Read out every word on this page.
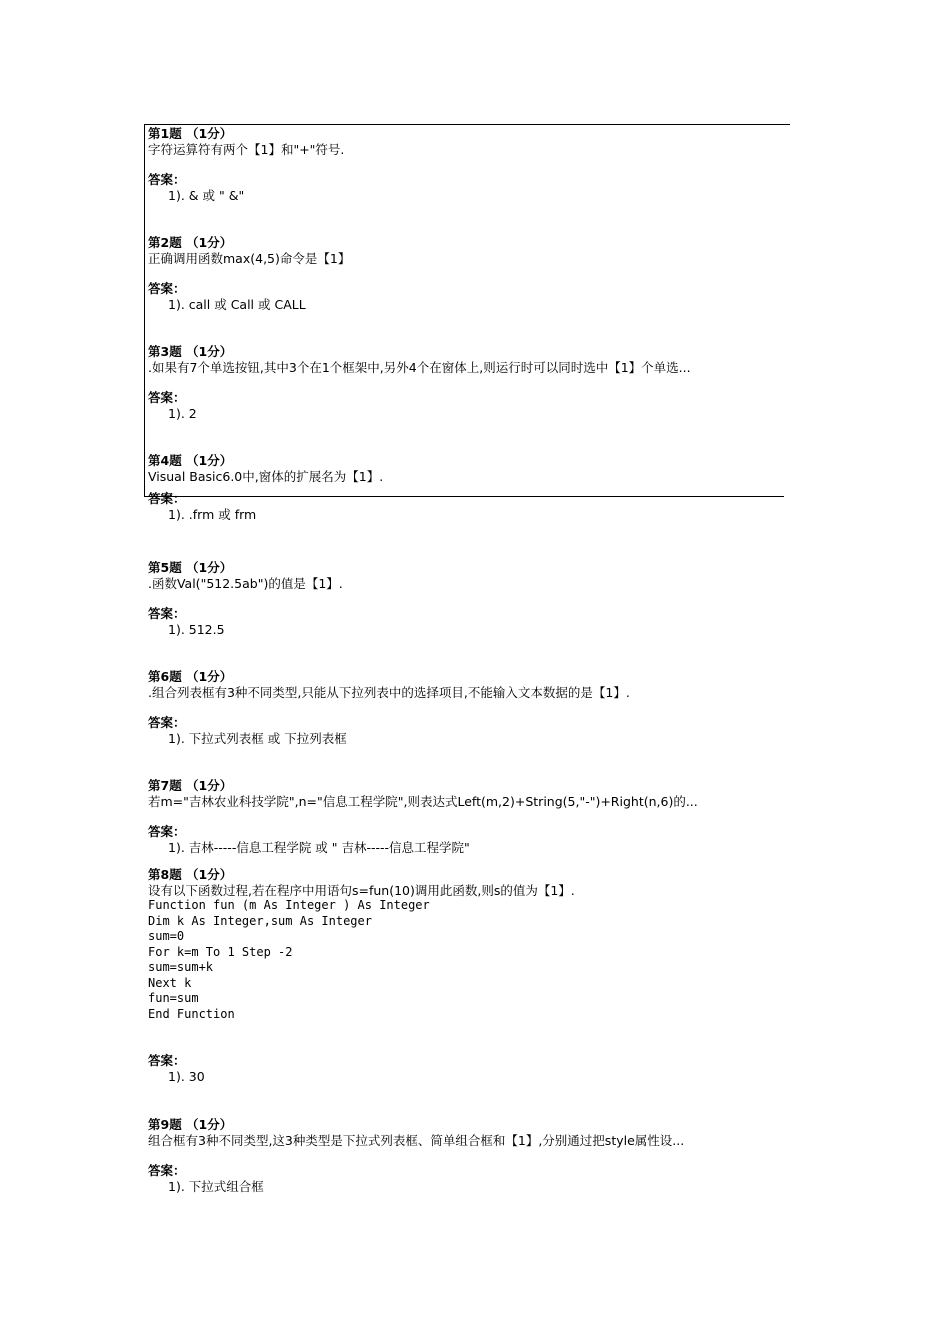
第1题 （1分）
字符运算符有两个【1】和"+"符号.
答案：
1). & 或 " &"
第2题 （1分）
正确调用函数max(4,5)命令是【1】
答案：
1). call 或 Call 或 CALL
第3题 （1分）
.如果有7个单选按钮,其中3个在1个框架中,另外4个在窗体上,则运行时可以同时选中【1】个单选...
答案：
1). 2
第4题 （1分）
Visual Basic6.0中,窗体的扩展名为【1】.
答案：
1). .frm 或 frm
第5题 （1分）
.函数Val("512.5ab")的值是【1】.
答案：
1). 512.5
第6题 （1分）
.组合列表框有3种不同类型,只能从下拉列表中的选择项目,不能输入文本数据的是【1】.
答案：
1). 下拉式列表框 或 下拉列表框
第7题 （1分）
若m="吉林农业科技学院",n="信息工程学院",则表达式Left(m,2)+String(5,"-")+Right(n,6)的...
答案：
1). 吉林-----信息工程学院 或 " 吉林-----信息工程学院"
第8题 （1分）
设有以下函数过程,若在程序中用语句s=fun(10)调用此函数,则s的值为【1】.
Function fun (m As Integer ) As Integer
Dim k As Integer,sum As Integer
sum=0
For k=m To 1 Step -2
sum=sum+k
Next k
fun=sum
End Function
答案：
1). 30
第9题 （1分）
组合框有3种不同类型,这3种类型是下拉式列表框、简单组合框和【1】,分别通过把style属性设...
答案：
1). 下拉式组合框
